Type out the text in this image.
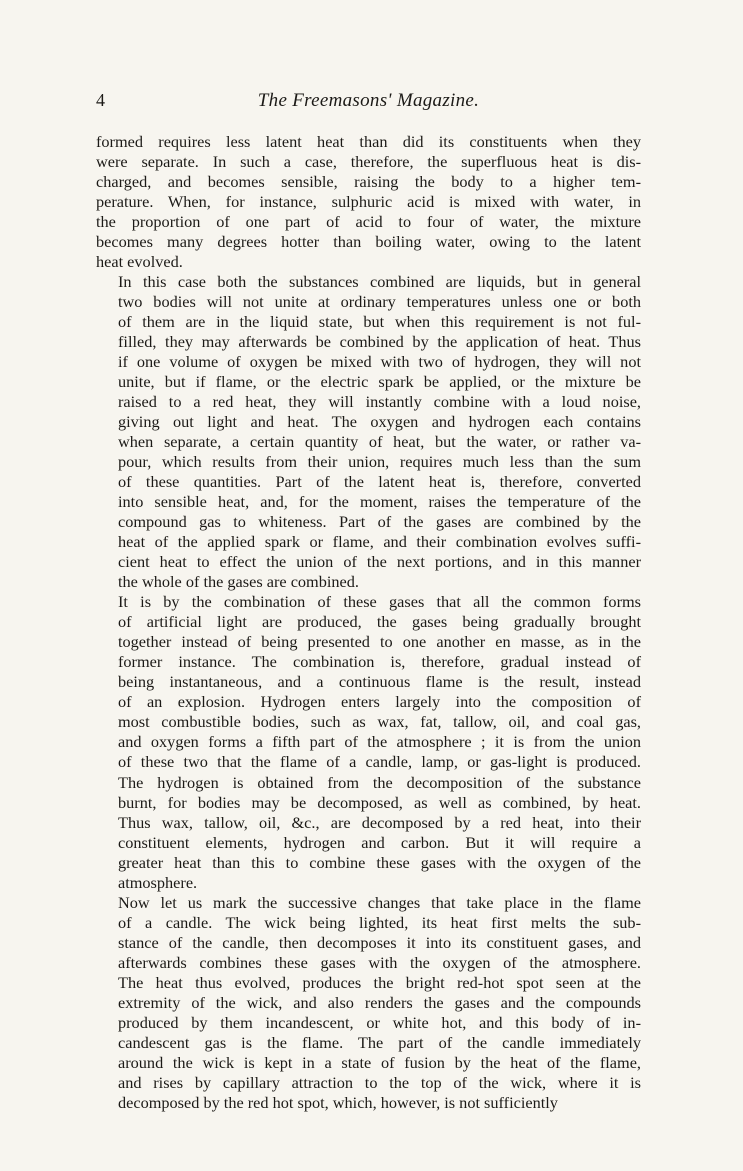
4	The Freemasons' Magazine.

formed requires less latent heat than did its constituents when they
were separate. In such a case, therefore, the superfluous heat is dis-
charged, and becomes sensible, raising the body to a higher tem-
perature. When, for instance, sulphuric acid is mixed with water, in
the proportion of one part of acid to four of water, the mixture
becomes many degrees hotter than boiling water, owing to the latent
heat evolved.

In this case both the substances combined are liquids, but in general
two bodies will not unite at ordinary temperatures unless one or both
of them are in the liquid state, but when this requirement is not ful-
filled, they may afterwards be combined by the application of heat. Thus
if one volume of oxygen be mixed with two of hydrogen, they will not
unite, but if flame, or the electric spark be applied, or the mixture be
raised to a red heat, they will instantly combine with a loud noise,
giving out light and heat. The oxygen and hydrogen each contains
when separate, a certain quantity of heat, but the water, or rather va-
pour, which results from their union, requires much less than the sum
of these quantities. Part of the latent heat is, therefore, converted
into sensible heat, and, for the moment, raises the temperature of the
compound gas to whiteness. Part of the gases are combined by the
heat of the applied spark or flame, and their combination evolves suffi-
cient heat to effect the union of the next portions, and in this manner
the whole of the gases are combined.

It is by the combination of these gases that all the common forms
of artificial light are produced, the gases being gradually brought
together instead of being presented to one another en masse, as in the
former instance. The combination is, therefore, gradual instead of
being instantaneous, and a continuous flame is the result, instead
of an explosion. Hydrogen enters largely into the composition of
most combustible bodies, such as wax, fat, tallow, oil, and coal gas,
and oxygen forms a fifth part of the atmosphere ; it is from the union
of these two that the flame of a candle, lamp, or gas-light is produced.
The hydrogen is obtained from the decomposition of the substance
burnt, for bodies may be decomposed, as well as combined, by heat.
Thus wax, tallow, oil, &c., are decomposed by a red heat, into their
constituent elements, hydrogen and carbon. But it will require a
greater heat than this to combine these gases with the oxygen of the
atmosphere.

Now let us mark the successive changes that take place in the flame
of a candle. The wick being lighted, its heat first melts the sub-
stance of the candle, then decomposes it into its constituent gases, and
afterwards combines these gases with the oxygen of the atmosphere.
The heat thus evolved, produces the bright red-hot spot seen at the
extremity of the wick, and also renders the gases and the compounds
produced by them incandescent, or white hot, and this body of in-
candescent gas is the flame. The part of the candle immediately
around the wick is kept in a state of fusion by the heat of the flame,
and rises by capillary attraction to the top of the wick, where it is
decomposed by the red hot spot, which, however, is not sufficiently
